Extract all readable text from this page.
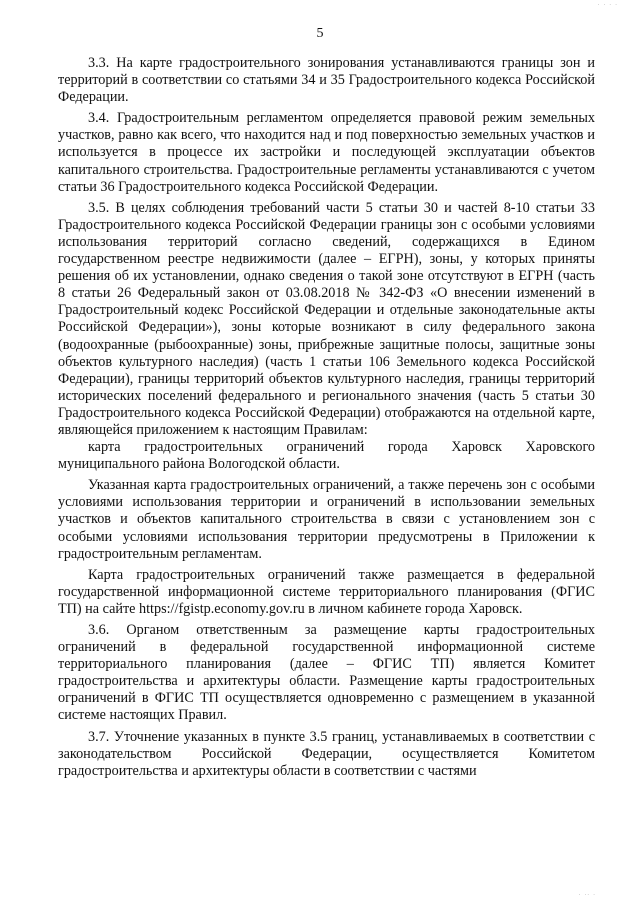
· · · ·
5

3.3. На карте градостроительного зонирования устанавливаются границы зон и территорий в соответствии со статьями 34 и 35 Градостроительного кодекса Российской Федерации.

3.4. Градостроительным регламентом определяется правовой режим земельных участков, равно как всего, что находится над и под поверхностью земельных участков и используется в процессе их застройки и последующей эксплуатации объектов капитального строительства. Градостроительные регламенты устанавливаются с учетом статьи 36 Градостроительного кодекса Российской Федерации.

3.5. В целях соблюдения требований части 5 статьи 30 и частей 8-10 статьи 33 Градостроительного кодекса Российской Федерации границы зон с особыми условиями использования территорий согласно сведений, содержащихся в Едином государственном реестре недвижимости (далее – ЕГРН), зоны, у которых приняты решения об их установлении, однако сведения о такой зоне отсутствуют в ЕГРН (часть 8 статьи 26 Федеральный закон от 03.08.2018 № 342-ФЗ «О внесении изменений в Градостроительный кодекс Российской Федерации и отдельные законодательные акты Российской Федерации»), зоны которые возникают в силу федерального закона (водоохранные (рыбоохранные) зоны, прибрежные защитные полосы, защитные зоны объектов культурного наследия) (часть 1 статьи 106 Земельного кодекса Российской Федерации), границы территорий объектов культурного наследия, границы территорий исторических поселений федерального и регионального значения (часть 5 статьи 30 Градостроительного кодекса Российской Федерации) отображаются на отдельной карте, являющейся приложением к настоящим Правилам:

карта градостроительных ограничений города Харовск Харовского муниципального района Вологодской области.

Указанная карта градостроительных ограничений, а также перечень зон с особыми условиями использования территории и ограничений в использовании земельных участков и объектов капитального строительства в связи с установлением зон с особыми условиями использования территории предусмотрены в Приложении к градостроительным регламентам.

Карта градостроительных ограничений также размещается в федеральной государственной информационной системе территориального планирования (ФГИС ТП) на сайте https://fgistp.economy.gov.ru в личном кабинете города Харовск.

3.6. Органом ответственным за размещение карты градостроительных ограничений в федеральной государственной информационной системе территориального планирования (далее – ФГИС ТП) является Комитет градостроительства и архитектуры области. Размещение карты градостроительных ограничений в ФГИС ТП осуществляется одновременно с размещением в указанной системе настоящих Правил.

3.7. Уточнение указанных в пункте 3.5 границ, устанавливаемых в соответствии с законодательством Российской Федерации, осуществляется Комитетом градостроительства и архитектуры области в соответствии с частями

· ·· ·
